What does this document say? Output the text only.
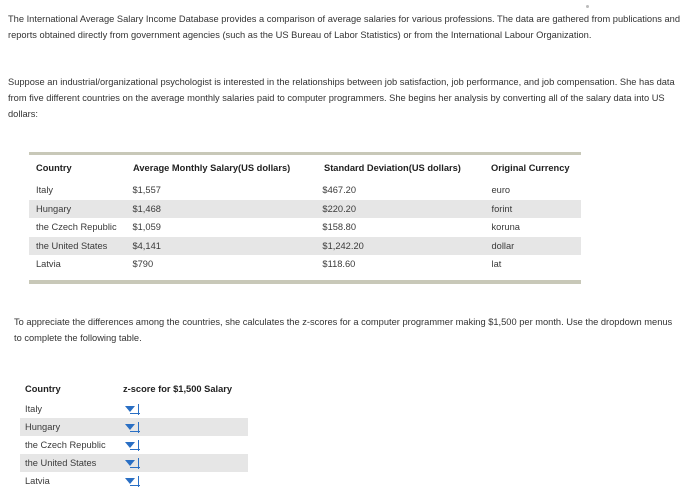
The International Average Salary Income Database provides a comparison of average salaries for various professions. The data are gathered from publications and reports obtained directly from government agencies (such as the US Bureau of Labor Statistics) or from the International Labour Organization.

Suppose an industrial/organizational psychologist is interested in the relationships between job satisfaction, job performance, and job compensation. She has data from five different countries on the average monthly salaries paid to computer programmers. She begins her analysis by converting all of the salary data into US dollars:

Country	Average Monthly Salary(US dollars)	Standard Deviation(US dollars)	Original Currency
Italy	$1,557	$467.20	euro
Hungary	$1,468	$220.20	forint
the Czech Republic	$1,059	$158.80	koruna
the United States	$4,141	$1,242.20	dollar
Latvia	$790	$118.60	lat

To appreciate the differences among the countries, she calculates the z-scores for a computer programmer making $1,500 per month. Use the dropdown menus to complete the following table.

Country	z-score for $1,500 Salary
Italy
Hungary
the Czech Republic
the United States
Latvia
